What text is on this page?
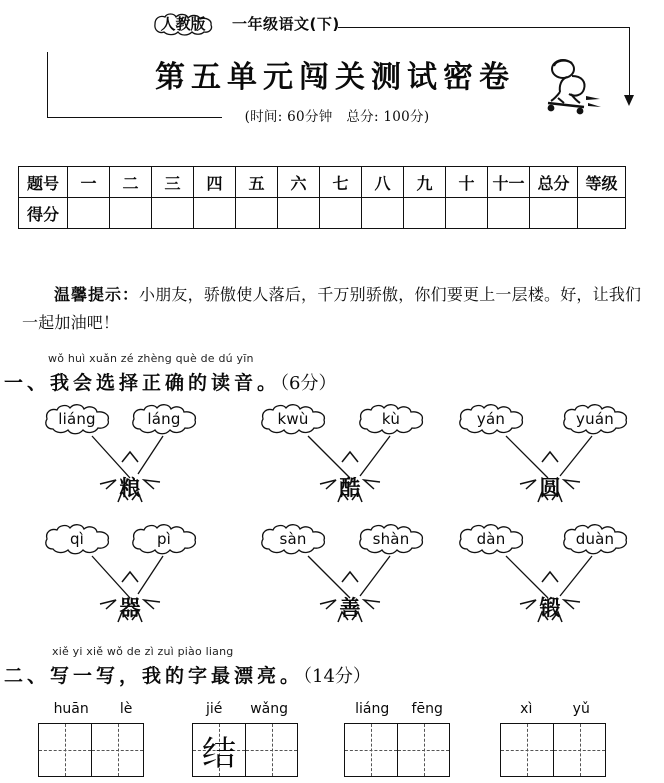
人教版	一年级语文(下)
第五单元闯关测试密卷
(时间: 60分钟　总分: 100分)
题号	一	二	三	四	五	六	七	八	九	十	十一	总分	等级
得分													
温馨提示：小朋友，骄傲使人落后，千万别骄傲，你们要更上一层楼。好，让我们一起加油吧！
wǒ huì xuǎn zé zhèng què de dú yīn
一、我会选择正确的读音。（6分）
liáng	láng
粮
kwù	kù
酷
yán	yuán
圆
qì	pì
器
sàn	shàn
善
dàn	duàn
锻
xiě yi xiě wǒ de zì zuì piào liang
二、写一写，我的字最漂亮。（14分）
huān lè	jié wǎng
结
liáng fēng	xì	yǔ
